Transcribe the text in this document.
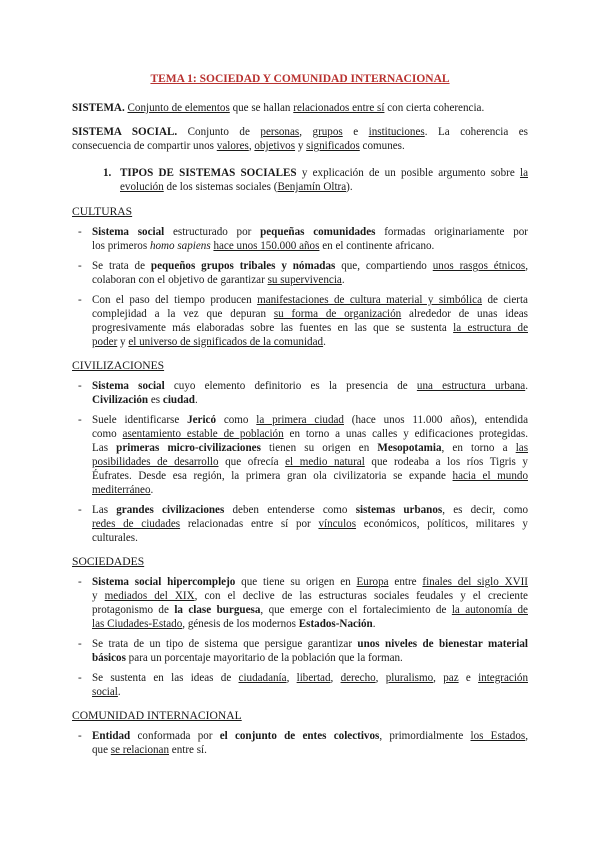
TEMA 1: SOCIEDAD Y COMUNIDAD INTERNACIONAL
SISTEMA. Conjunto de elementos que se hallan relacionados entre sí con cierta coherencia.
SISTEMA SOCIAL. Conjunto de personas, grupos e instituciones. La coherencia es
consecuencia de compartir unos valores, objetivos y significados comunes.
1. TIPOS DE SISTEMAS SOCIALES y explicación de un posible argumento sobre la
evolución de los sistemas sociales (Benjamín Oltra).
CULTURAS
- Sistema social estructurado por pequeñas comunidades formadas originariamente por
los primeros homo sapiens hace unos 150.000 años en el continente africano.
- Se trata de pequeños grupos tribales y nómadas que, compartiendo unos rasgos étnicos,
colaboran con el objetivo de garantizar su supervivencia.
- Con el paso del tiempo producen manifestaciones de cultura material y simbólica de cierta
complejidad a la vez que depuran su forma de organización alrededor de unas ideas
progresivamente más elaboradas sobre las fuentes en las que se sustenta la estructura de
poder y el universo de significados de la comunidad.
CIVILIZACIONES
- Sistema social cuyo elemento definitorio es la presencia de una estructura urbana.
Civilización es ciudad.
- Suele identificarse Jericó como la primera ciudad (hace unos 11.000 años), entendida
como asentamiento estable de población en torno a unas calles y edificaciones protegidas.
Las primeras micro-civilizaciones tienen su origen en Mesopotamia, en torno a las
posibilidades de desarrollo que ofrecía el medio natural que rodeaba a los ríos Tigris y
Éufrates. Desde esa región, la primera gran ola civilizatoria se expande hacia el mundo
mediterráneo.
- Las grandes civilizaciones deben entenderse como sistemas urbanos, es decir, como
redes de ciudades relacionadas entre sí por vínculos económicos, políticos, militares y
culturales.
SOCIEDADES
- Sistema social hipercomplejo que tiene su origen en Europa entre finales del siglo XVII
y mediados del XIX, con el declive de las estructuras sociales feudales y el creciente
protagonismo de la clase burguesa, que emerge con el fortalecimiento de la autonomía de
las Ciudades-Estado, génesis de los modernos Estados-Nación.
- Se trata de un tipo de sistema que persigue garantizar unos niveles de bienestar material
básicos para un porcentaje mayoritario de la población que la forman.
- Se sustenta en las ideas de ciudadanía, libertad, derecho, pluralismo, paz e integración
social.
COMUNIDAD INTERNACIONAL
- Entidad conformada por el conjunto de entes colectivos, primordialmente los Estados,
que se relacionan entre sí.
